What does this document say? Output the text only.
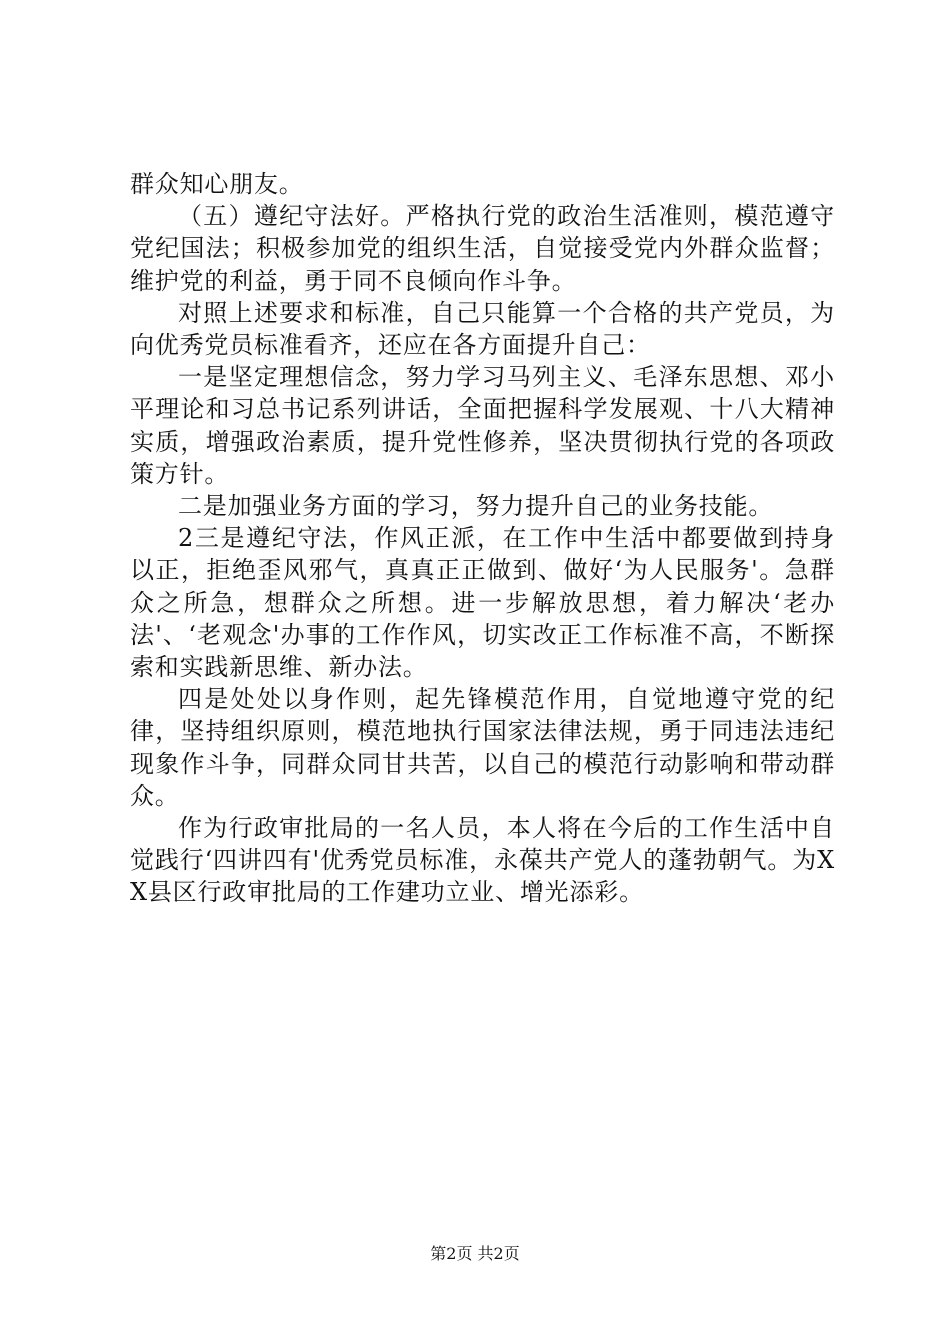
群众知心朋友。

（五）遵纪守法好。严格执行党的政治生活准则，模范遵守党纪国法；积极参加党的组织生活，自觉接受党内外群众监督；维护党的利益，勇于同不良倾向作斗争。

对照上述要求和标准，自己只能算一个合格的共产党员，为向优秀党员标准看齐，还应在各方面提升自己：

一是坚定理想信念，努力学习马列主义、毛泽东思想、邓小平理论和习总书记系列讲话，全面把握科学发展观、十八大精神实质，增强政治素质，提升党性修养，坚决贯彻执行党的各项政策方针。

二是加强业务方面的学习，努力提升自己的业务技能。

2三是遵纪守法，作风正派，在工作中生活中都要做到持身以正，拒绝歪风邪气，真真正正做到、做好‘为人民服务'。急群众之所急，想群众之所想。进一步解放思想，着力解决‘老办法'、‘老观念'办事的工作作风，切实改正工作标准不高，不断探索和实践新思维、新办法。

四是处处以身作则，起先锋模范作用，自觉地遵守党的纪律，坚持组织原则，模范地执行国家法律法规，勇于同违法违纪现象作斗争，同群众同甘共苦，以自己的模范行动影响和带动群众。

作为行政审批局的一名人员，本人将在今后的工作生活中自觉践行‘四讲四有'优秀党员标准，永葆共产党人的蓬勃朝气。为XX县区行政审批局的工作建功立业、增光添彩。

第2页 共2页
